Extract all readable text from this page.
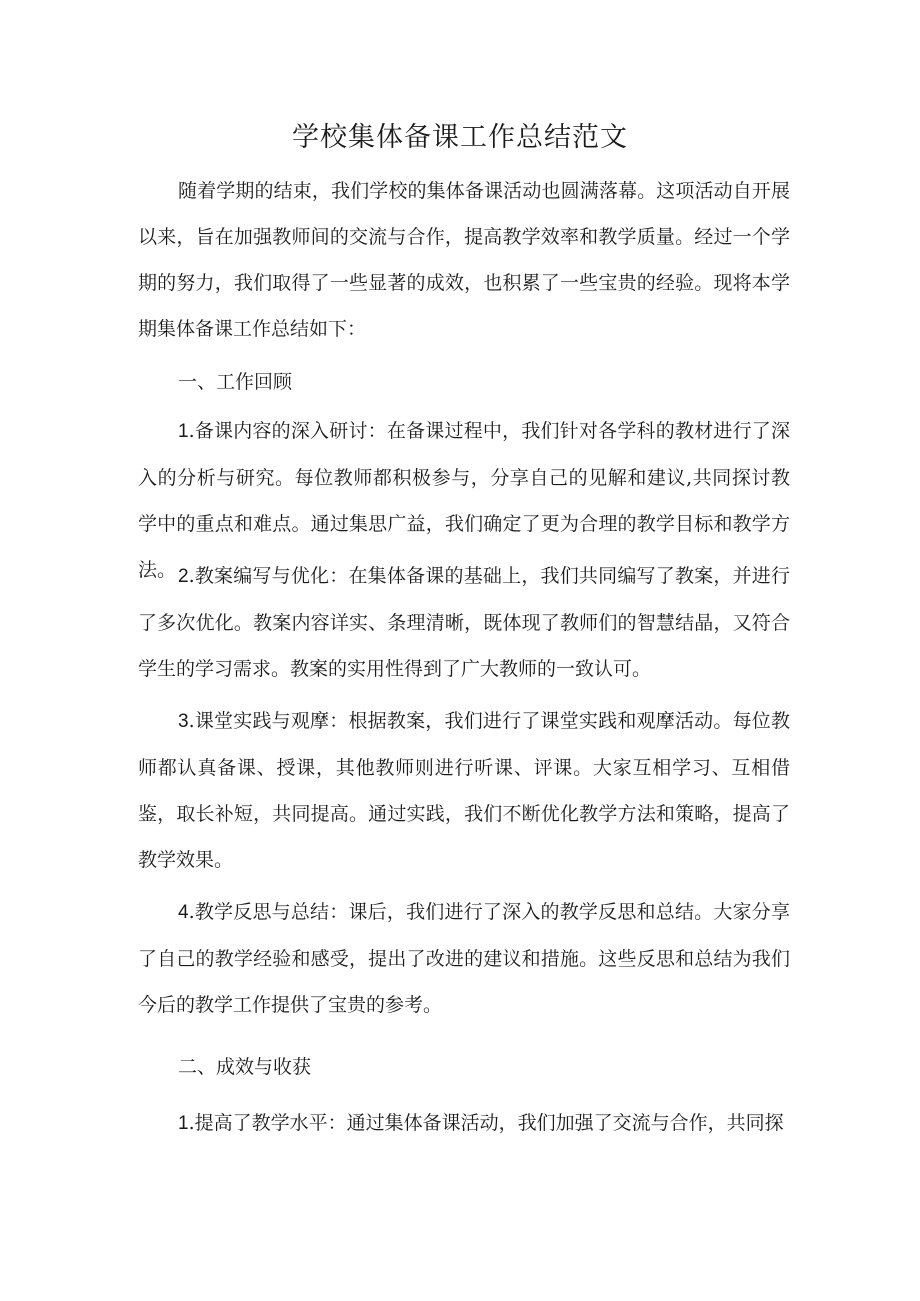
学校集体备课工作总结范文
随着学期的结束，我们学校的集体备课活动也圆满落幕。这项活动自开展以来，旨在加强教师间的交流与合作，提高教学效率和教学质量。经过一个学期的努力，我们取得了一些显著的成效，也积累了一些宝贵的经验。现将本学期集体备课工作总结如下：
一、工作回顾
1.备课内容的深入研讨：在备课过程中，我们针对各学科的教材进行了深入的分析与研究。每位教师都积极参与，分享自己的见解和建议,共同探讨教学中的重点和难点。通过集思广益，我们确定了更为合理的教学目标和教学方法。 2.教案编写与优化：在集体备课的基础上，我们共同编写了教案，并进行了多次优化。教案内容详实、条理清晰，既体现了教师们的智慧结晶，又符合学生的学习需求。教案的实用性得到了广大教师的一致认可。
3.课堂实践与观摩：根据教案，我们进行了课堂实践和观摩活动。每位教师都认真备课、授课，其他教师则进行听课、评课。大家互相学习、互相借鉴，取长补短，共同提高。通过实践，我们不断优化教学方法和策略，提高了教学效果。
4.教学反思与总结：课后，我们进行了深入的教学反思和总结。大家分享了自己的教学经验和感受，提出了改进的建议和措施。这些反思和总结为我们今后的教学工作提供了宝贵的参考。
二、成效与收获
1.提高了教学水平：通过集体备课活动，我们加强了交流与合作，共同探
